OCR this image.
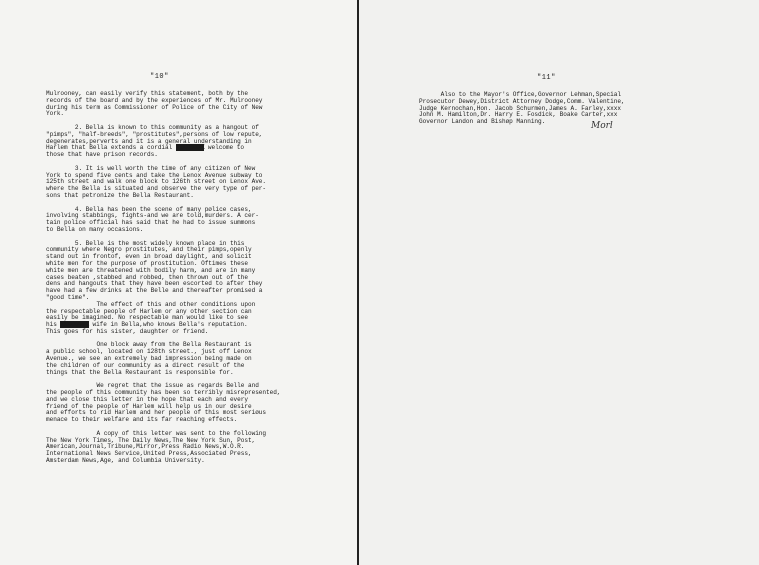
"10"
Mulrooney, can easily verify this statement, both by the
records of the board and by the experiences of Mr. Mulrooney
during his term as Commissioner of Police of the City of New
York.
2. Bella is known to this community as a hangout of
"pimps", "half-breeds", "prostitutes",persons of low repute,
degenerates,perverts and it is a general understanding in
Harlem that Bella extends a cordial XXXXXXXXX welcome to
those that have prison records.
3. It is well worth the time of any citizen of New
York to spend five cents and take the Lenox Avenue subway to
125th street and walk one block to 126th street on Lenox Ave.
where the Bella is situated and observe the very type of per-
sons that petronize the Bella Restaurant.
4. Bella has been the scene of many pølice cases,
involving stabbings, fights-and we are told,murders. A cer-
tain police official has said that he had to issue summons
to Bella on many occasions.
5. Belle is the most widely known place in this
community where Negro prostitutes, and their pimps,openly
stand out in frontof, even in broad daylight, and solicit
white men for the purpose of prostitution. Oftimes these
white men are threatened with bodily harm, and are in many
cases beaten ,stabbed and robbed, then thrown out of the
dens and hangouts that they have been escorted to after they
have had a few drinks at the Belle and thereafter promised a
"good time".
The effect of this and other conditions upon
the respectable people of Harlem or any other section can
easily be imagined. No respectable man would like to see
his XXXXXXXXX wife in Bella,who knows Bella's reputation.
This goes for his sister, daughter or friend.
One block away from the Bella Restaurant is
a public school, located on 128th street., just off Lenox
Avenue., we see an extremely bad impression being made on
the children of our community as a direct result of the
things that the Bella Restaurant is responsible for.
We regret that the issue as regards Belle and
the people of this community has been so terribly misrepresented,
and we close this letter in the hope that each and every
friend of the people of Harlem will help us in our desire
and efforts to rid Harlem and her people of this most seriøus
menace to their welfare and its far reaching effects.
A copy of this letter was sent to the following
The New York Times, The Daily News,The New York Sun, Post,
American,Journal,Tribune,Mirror,Press Radio News,W.O.R.
International News Service,United Press,Associated Press,
Amsterdam News,Age, and Columbia University.
"11"
Also to the Mayor's Office,Governor Lehman,Special
Prosecutor Dewey,District Attorney Dodge,Comm. Valentine,
Judge Kernochan,Hon. Jacob Schurmen,James A. Farley,xxxx
John M. Hamilton,Dr. Harry E. Fosdick, Boake Carter,xxx
Governor Landon and Bishøp Manning.	Morl
